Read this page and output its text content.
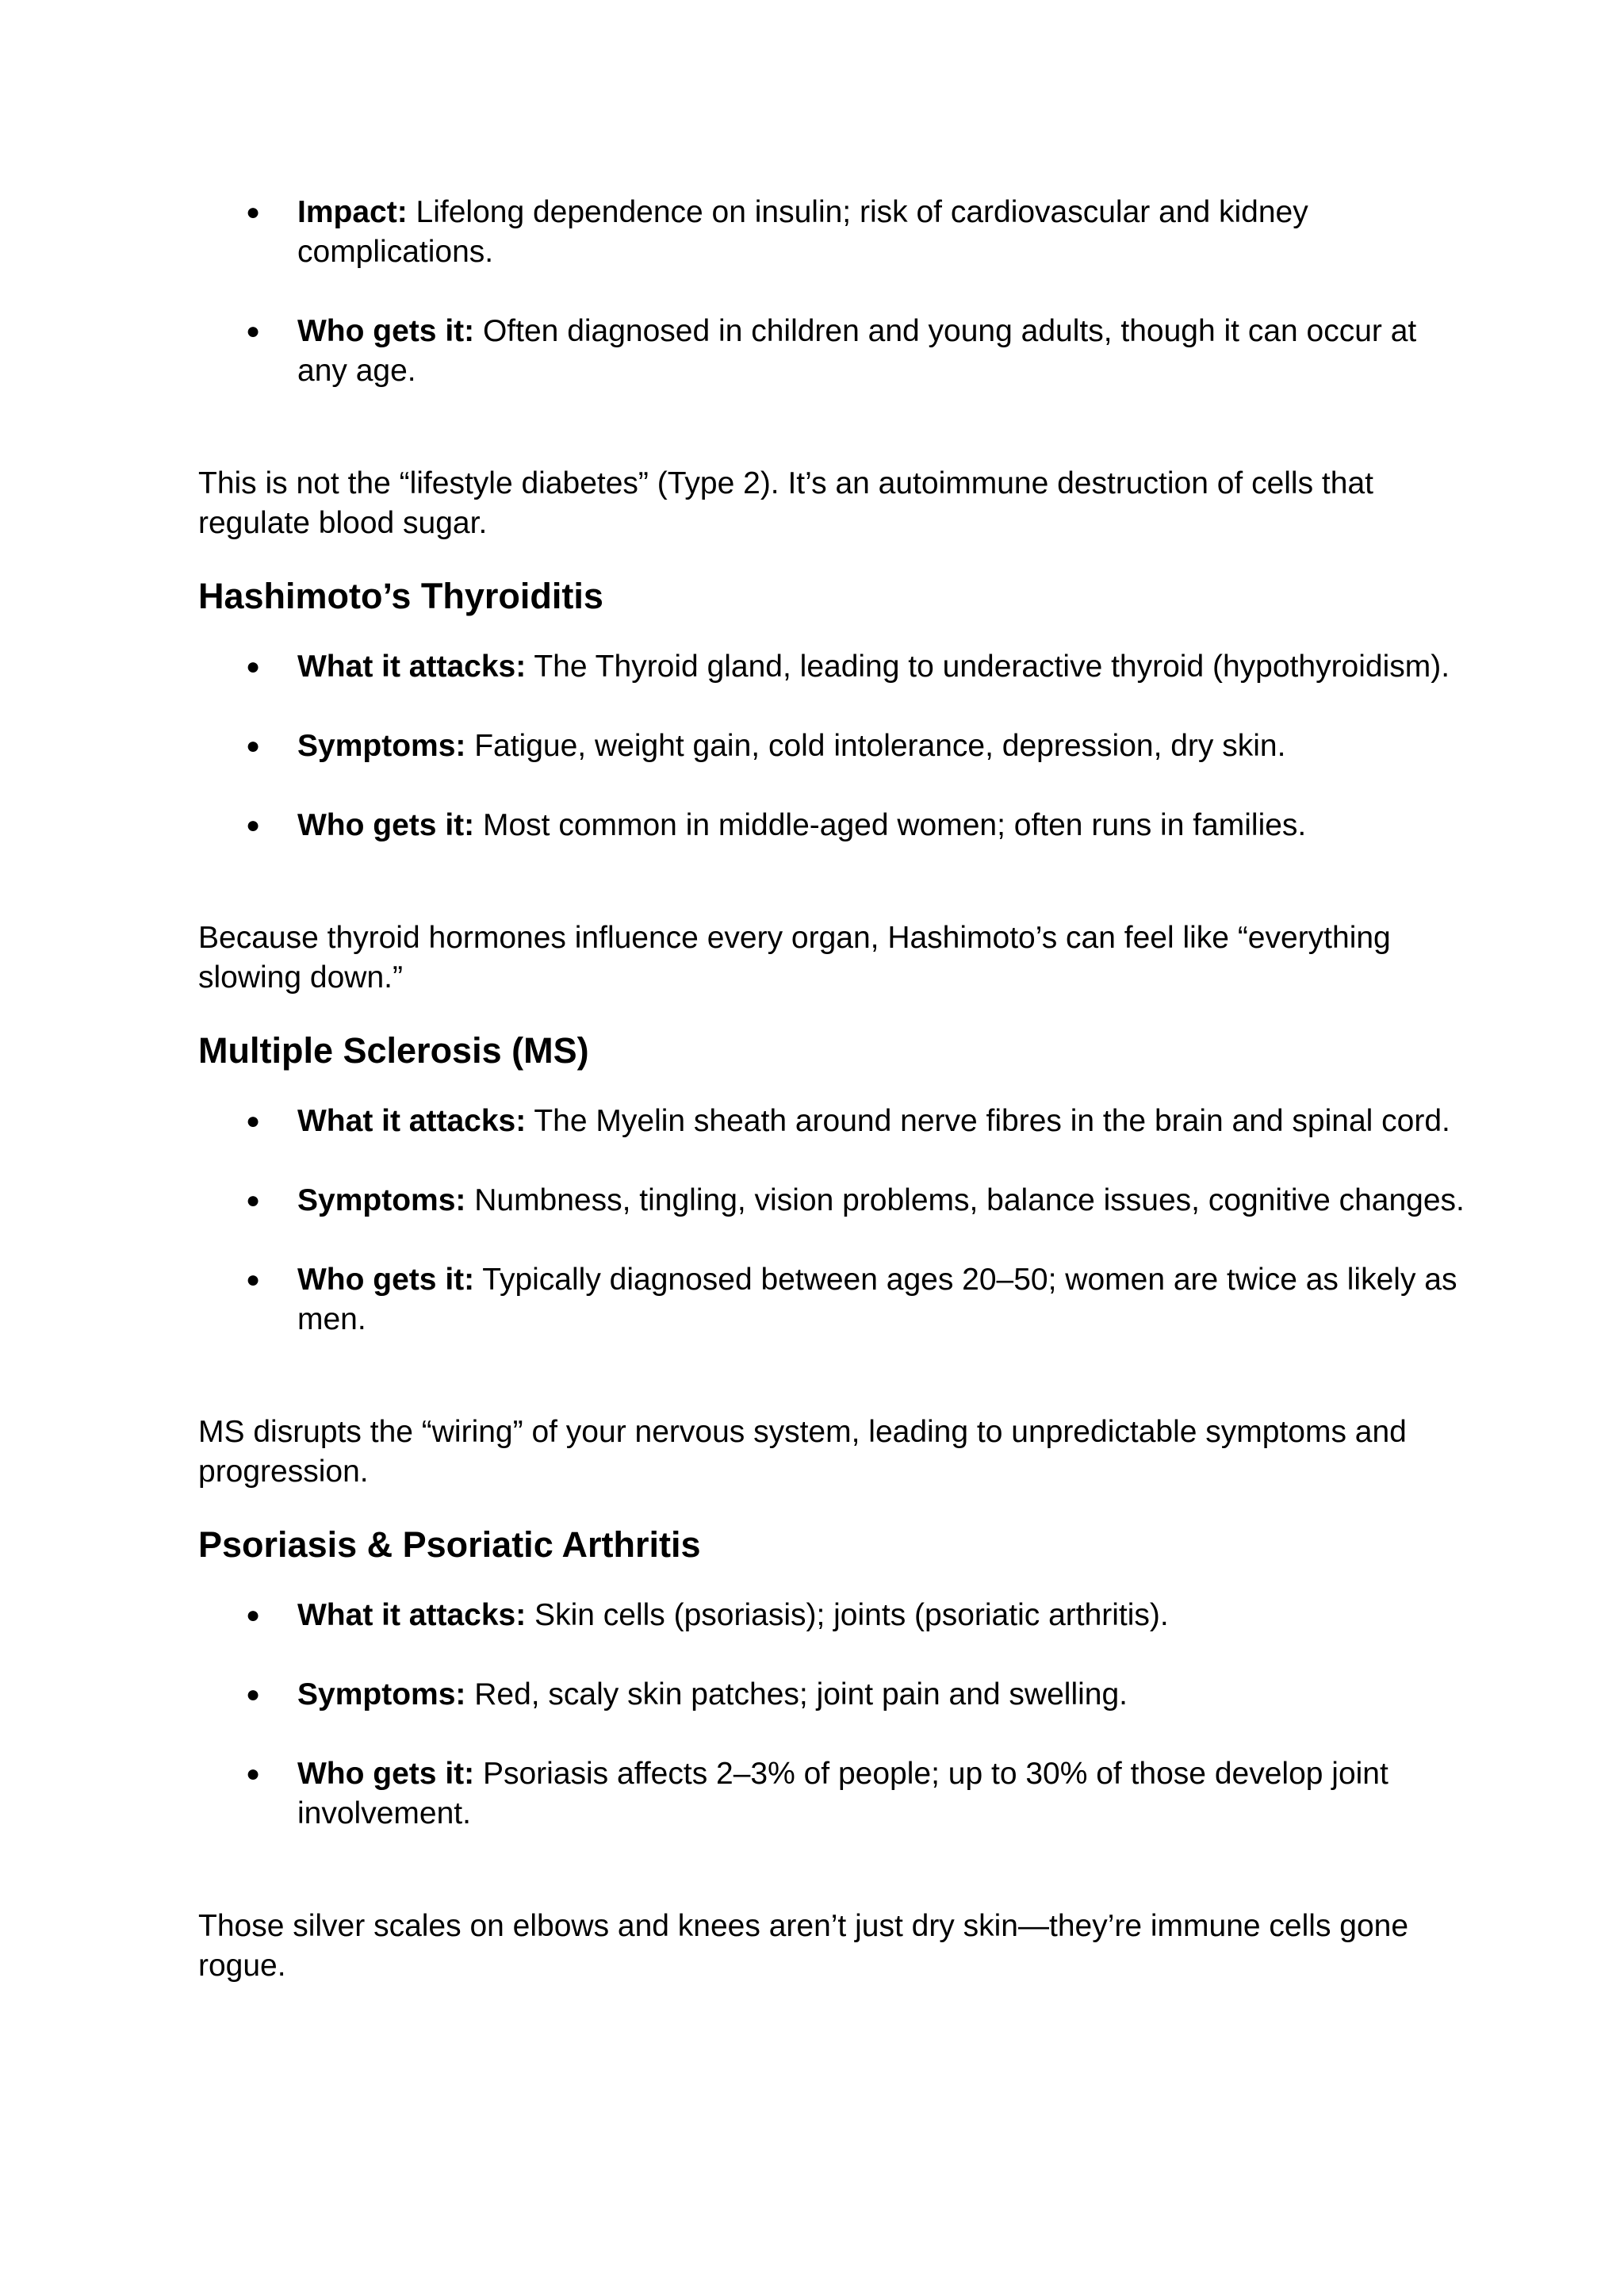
● Impact: Lifelong dependence on insulin; risk of cardiovascular and kidney complications.
● Who gets it: Often diagnosed in children and young adults, though it can occur at any age.

This is not the “lifestyle diabetes” (Type 2). It’s an autoimmune destruction of cells that regulate blood sugar.

Hashimoto’s Thyroiditis
● What it attacks: The Thyroid gland, leading to underactive thyroid (hypothyroidism).
● Symptoms: Fatigue, weight gain, cold intolerance, depression, dry skin.
● Who gets it: Most common in middle-aged women; often runs in families.

Because thyroid hormones influence every organ, Hashimoto’s can feel like “everything slowing down.”

Multiple Sclerosis (MS)
● What it attacks: The Myelin sheath around nerve fibres in the brain and spinal cord.
● Symptoms: Numbness, tingling, vision problems, balance issues, cognitive changes.
● Who gets it: Typically diagnosed between ages 20–50; women are twice as likely as men.

MS disrupts the “wiring” of your nervous system, leading to unpredictable symptoms and progression.

Psoriasis & Psoriatic Arthritis
● What it attacks: Skin cells (psoriasis); joints (psoriatic arthritis).
● Symptoms: Red, scaly skin patches; joint pain and swelling.
● Who gets it: Psoriasis affects 2–3% of people; up to 30% of those develop joint involvement.

Those silver scales on elbows and knees aren’t just dry skin—they’re immune cells gone rogue.
